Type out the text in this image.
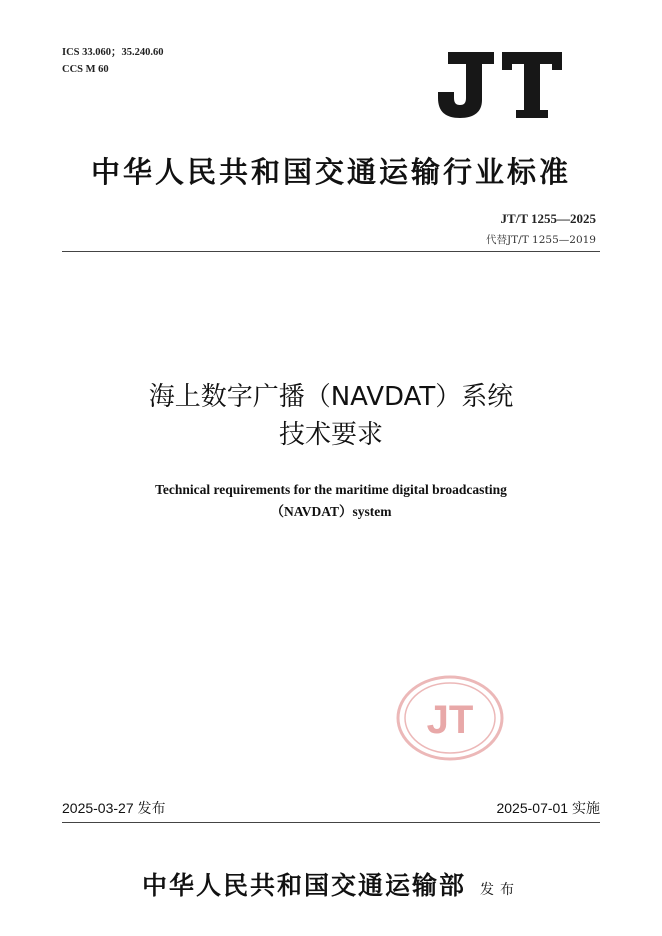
ICS 33.060；35.240.60
CCS M 60
中华人民共和国交通运输行业标准
JT/T 1255—2025
代替JT/T 1255—2019
海上数字广播（NAVDAT）系统
技术要求
Technical requirements for the maritime digital broadcasting
（NAVDAT）system
JT
2025-03-27 发布	2025-07-01 实施
中华人民共和国交通运输部 发布
